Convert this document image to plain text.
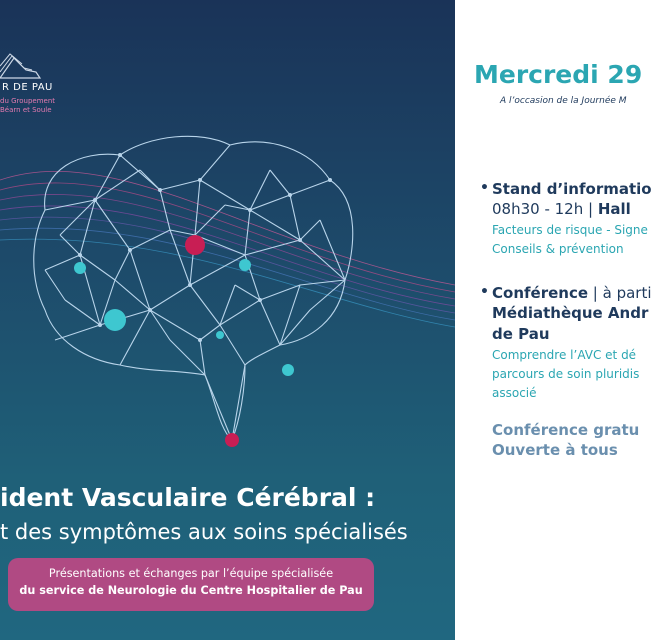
R DE PAU
du Groupement
Béarn et Soule
ident Vasculaire Cérébral :
t des symptômes aux soins spécialisés
Présentations et échanges par l’équipe spécialisée
du service de Neurologie du Centre Hospitalier de Pau
Mercredi 29
A l’occasion de la Journée M
• Stand d’informatio
08h30 - 12h | Hall
Facteurs de risque - Signe
Conseils & prévention
• Conférence | à parti
Médiathèque Andr
de Pau
Comprendre l’AVC et dé
parcours de soin pluridis
associé
Conférence gratu
Ouverte à tous
